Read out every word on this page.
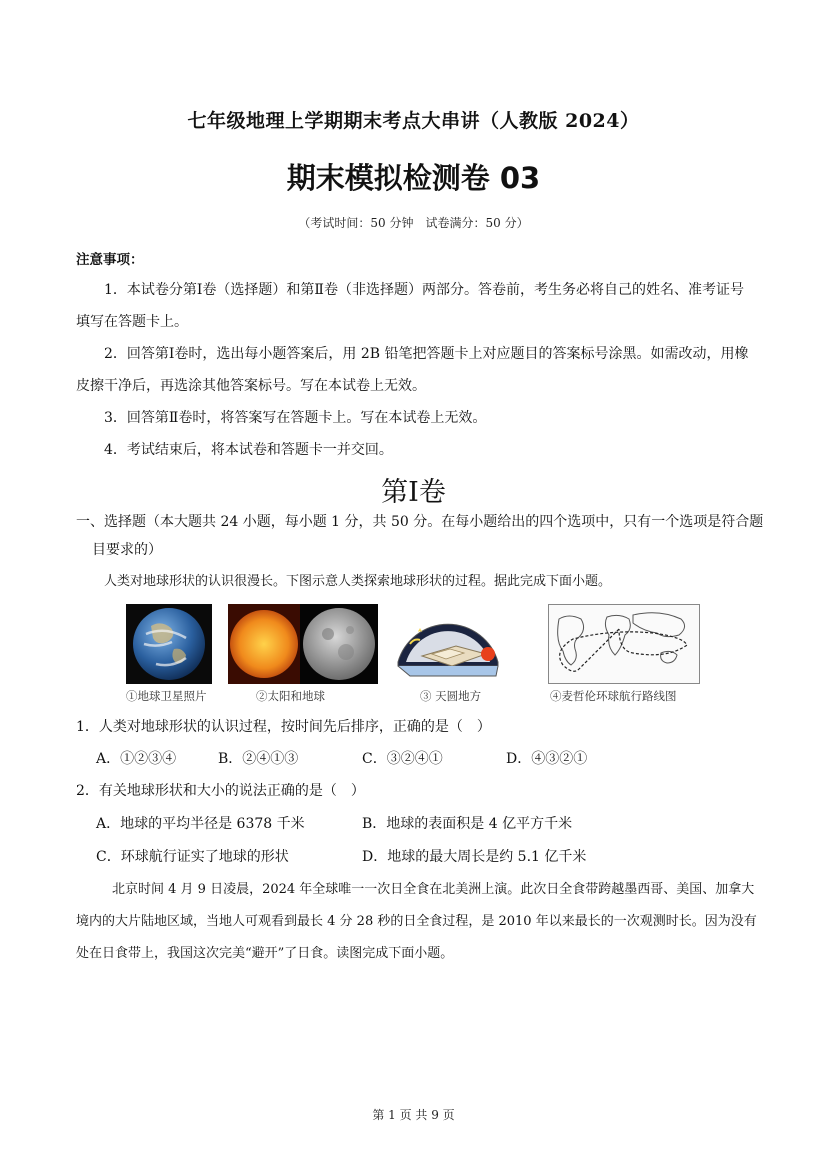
七年级地理上学期期末考点大串讲（人教版 2024）
期末模拟检测卷 03
（考试时间：50 分钟　试卷满分：50 分）
注意事项：
1．本试卷分第Ⅰ卷（选择题）和第Ⅱ卷（非选择题）两部分。答卷前，考生务必将自己的姓名、准考证号填写在答题卡上。
2．回答第Ⅰ卷时，选出每小题答案后，用 2B 铅笔把答题卡上对应题目的答案标号涂黑。如需改动，用橡皮擦干净后，再选涂其他答案标号。写在本试卷上无效。
3．回答第Ⅱ卷时，将答案写在答题卡上。写在本试卷上无效。
4．考试结束后，将本试卷和答题卡一并交回。
第Ⅰ卷
一、选择题（本大题共 24 小题，每小题 1 分，共 50 分。在每小题给出的四个选项中，只有一个选项是符合题目要求的）
人类对地球形状的认识很漫长。下图示意人类探索地球形状的过程。据此完成下面小题。
①地球卫星照片	②太阳和地球	③ 天圆地方	④麦哲伦环球航行路线图
1．人类对地球形状的认识过程，按时间先后排序，正确的是（　）
A．①②③④	B．②④①③	C．③②④①	D．④③②①
2．有关地球形状和大小的说法正确的是（　）
A．地球的平均半径是 6378 千米	B．地球的表面积是 4 亿平方千米
C．环球航行证实了地球的形状	D．地球的最大周长是约 5.1 亿千米
北京时间 4 月 9 日凌晨，2024 年全球唯一一次日全食在北美洲上演。此次日全食带跨越墨西哥、美国、加拿大境内的大片陆地区域，当地人可观看到最长 4 分 28 秒的日全食过程，是 2010 年以来最长的一次观测时长。因为没有处在日食带上，我国这次完美“避开”了日食。读图完成下面小题。
第 1 页 共 9 页
